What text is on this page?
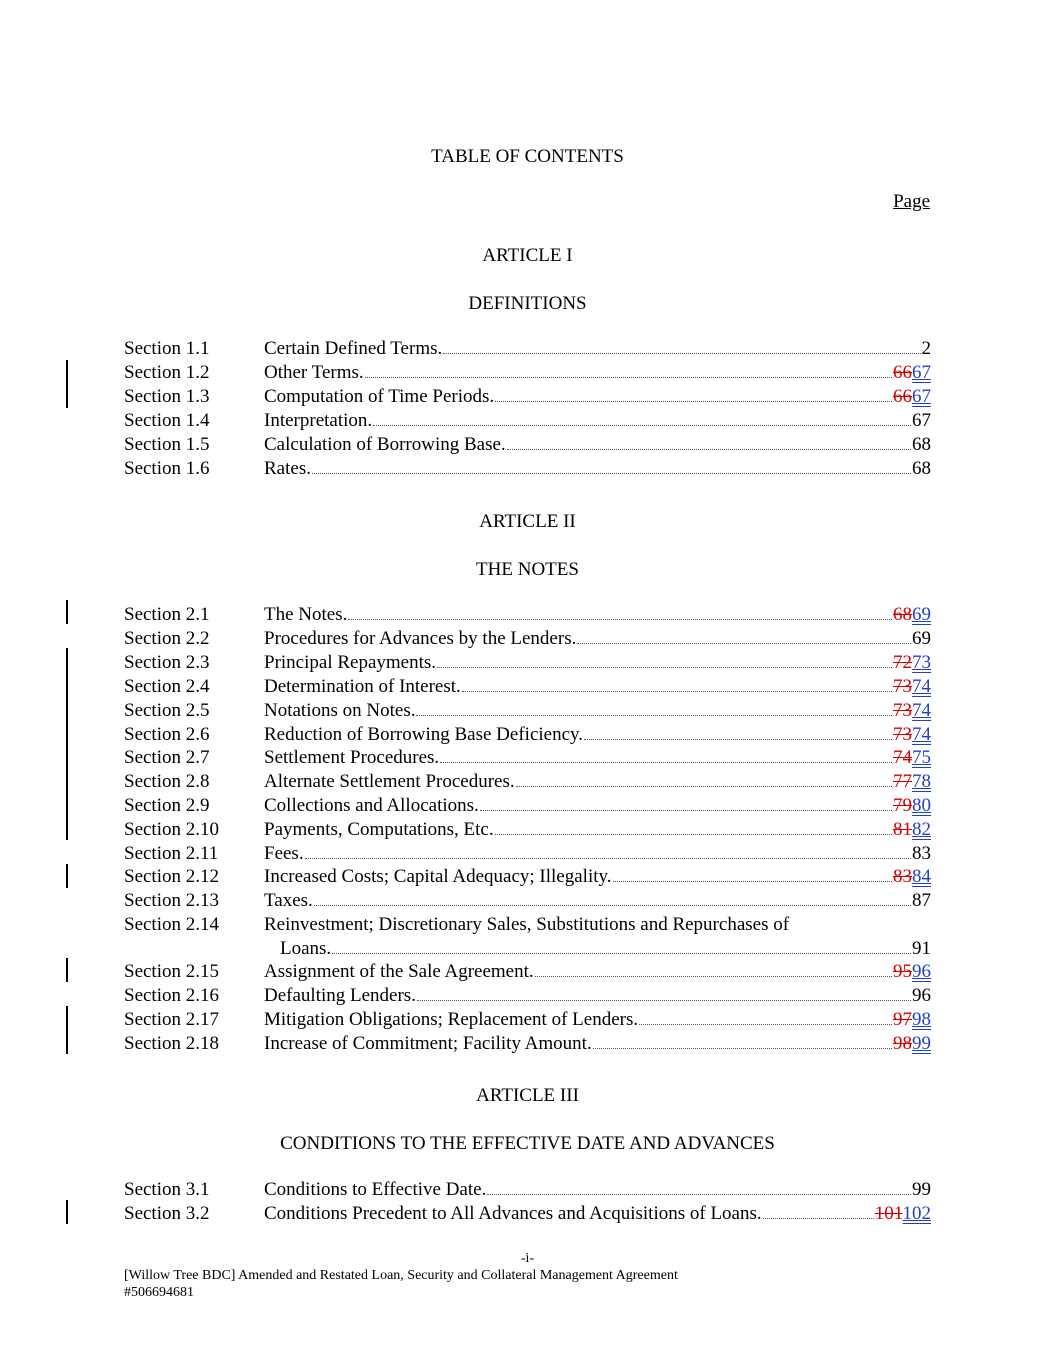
TABLE OF CONTENTS
Page
ARTICLE I
DEFINITIONS
ARTICLE II
THE NOTES
ARTICLE III
CONDITIONS TO THE EFFECTIVE DATE AND ADVANCES
Section 1.1	Certain Defined Terms.	2
Section 1.2	Other Terms.	6667
Section 1.3	Computation of Time Periods.	6667
Section 1.4	Interpretation.	67
Section 1.5	Calculation of Borrowing Base.	68
Section 1.6	Rates.	68
Section 2.1	The Notes.	6869
Section 2.2	Procedures for Advances by the Lenders.	69
Section 2.3	Principal Repayments.	7273
Section 2.4	Determination of Interest.	7374
Section 2.5	Notations on Notes.	7374
Section 2.6	Reduction of Borrowing Base Deficiency.	7374
Section 2.7	Settlement Procedures.	7475
Section 2.8	Alternate Settlement Procedures.	7778
Section 2.9	Collections and Allocations.	7980
Section 2.10 Payments, Computations, Etc.	8182
Section 2.11 Fees.	83
Section 2.12 Increased Costs; Capital Adequacy; Illegality.	8384
Section 2.13 Taxes.	87
Section 2.14 Reinvestment; Discretionary Sales, Substitutions and Repurchases of
Loans.	91
Section 2.15 Assignment of the Sale Agreement.	9596
Section 2.16 Defaulting Lenders.	96
Section 2.17 Mitigation Obligations; Replacement of Lenders.	9798
Section 2.18 Increase of Commitment; Facility Amount.	9899
Section 3.1	Conditions to Effective Date.	99
Section 3.2	Conditions Precedent to All Advances and Acquisitions of Loans.	101102
-i-
[Willow Tree BDC] Amended and Restated Loan, Security and Collateral Management Agreement
#506694681
